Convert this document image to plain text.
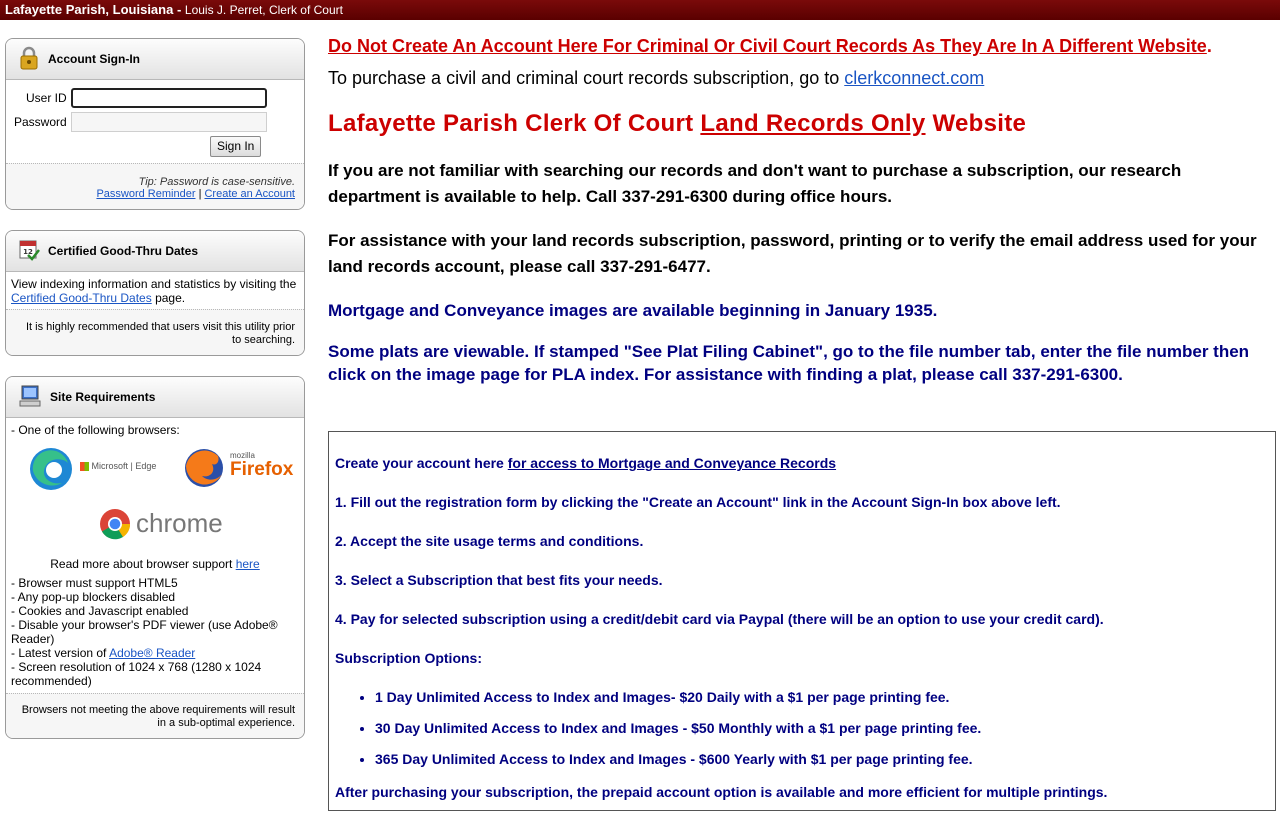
Lafayette Parish, Louisiana - Louis J. Perret, Clerk of Court
Account Sign-In
User ID
Password
Sign In
Tip: Password is case-sensitive.
Password Reminder | Create an Account
12 Certified Good-Thru Dates
View indexing information and statistics by visiting the Certified Good-Thru Dates page.
It is highly recommended that users visit this utility prior to searching.
Site Requirements
- One of the following browsers:
Microsoft | Edge
mozilla
Firefox
chrome
Read more about browser support here
- Browser must support HTML5
- Any pop-up blockers disabled
- Cookies and Javascript enabled
- Disable your browser's PDF viewer (use Adobe® Reader)
- Latest version of Adobe® Reader
- Screen resolution of 1024 x 768 (1280 x 1024 recommended)
Browsers not meeting the above requirements will result in a sub-optimal experience.

Do Not Create An Account Here For Criminal Or Civil Court Records As They Are In A Different Website.

To purchase a civil and criminal court records subscription, go to clerkconnect.com

Lafayette Parish Clerk Of Court Land Records Only Website

If you are not familiar with searching our records and don't want to purchase a subscription, our research department is available to help. Call 337-291-6300 during office hours.

For assistance with your land records subscription, password, printing or to verify the email address used for your land records account, please call 337-291-6477.

Mortgage and Conveyance images are available beginning in January 1935.

Some plats are viewable. If stamped "See Plat Filing Cabinet", go to the file number tab, enter the file number then click on the image page for PLA index. For assistance with finding a plat, please call 337-291-6300.

Create your account here for access to Mortgage and Conveyance Records

1. Fill out the registration form by clicking the "Create an Account" link in the Account Sign-In box above left.

2. Accept the site usage terms and conditions.

3. Select a Subscription that best fits your needs.

4. Pay for selected subscription using a credit/debit card via Paypal (there will be an option to use your credit card).

Subscription Options:

• 1 Day Unlimited Access to Index and Images- $20 Daily with a $1 per page printing fee.
• 30 Day Unlimited Access to Index and Images - $50 Monthly with a $1 per page printing fee.
• 365 Day Unlimited Access to Index and Images - $600 Yearly with $1 per page printing fee.

After purchasing your subscription, the prepaid account option is available and more efficient for multiple printings.
